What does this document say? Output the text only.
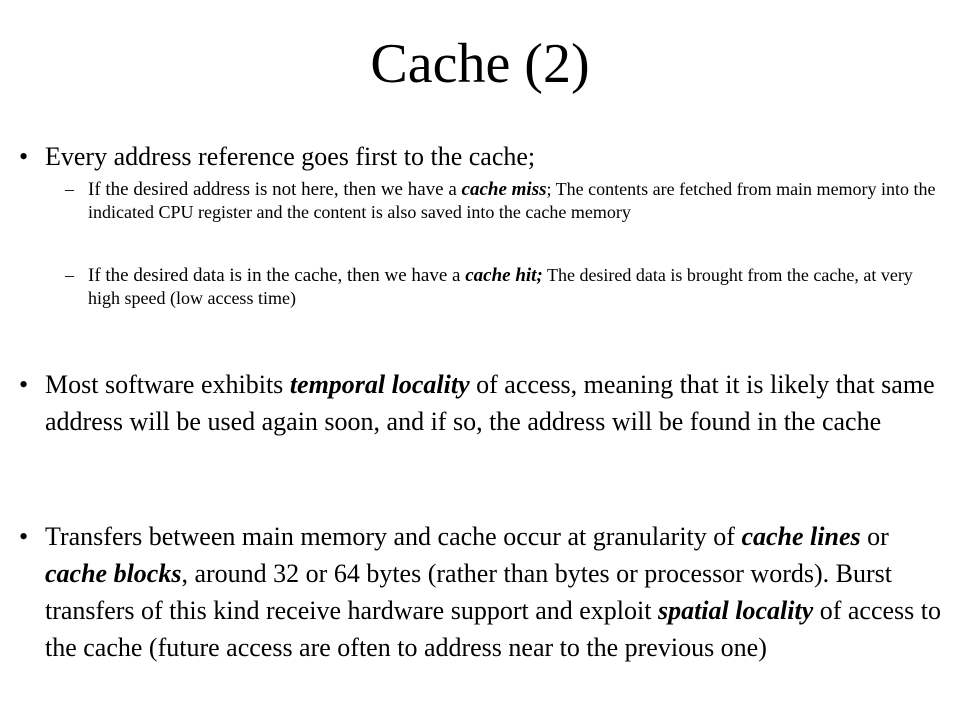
Cache (2)
• Every address reference goes first to the cache;
– If the desired address is not here, then we have a cache miss; The contents are fetched from main memory into the indicated CPU register and the content is also saved into the cache memory
– If the desired data is in the cache, then we have a cache hit; The desired data is brought from the cache, at very high speed (low access time)
• Most software exhibits temporal locality of access, meaning that it is likely that same address will be used again soon, and if so, the address will be found in the cache
• Transfers between main memory and cache occur at granularity of cache lines or cache blocks, around 32 or 64 bytes (rather than bytes or processor words). Burst transfers of this kind receive hardware support and exploit spatial locality of access to the cache (future access are often to address near to the previous one)
